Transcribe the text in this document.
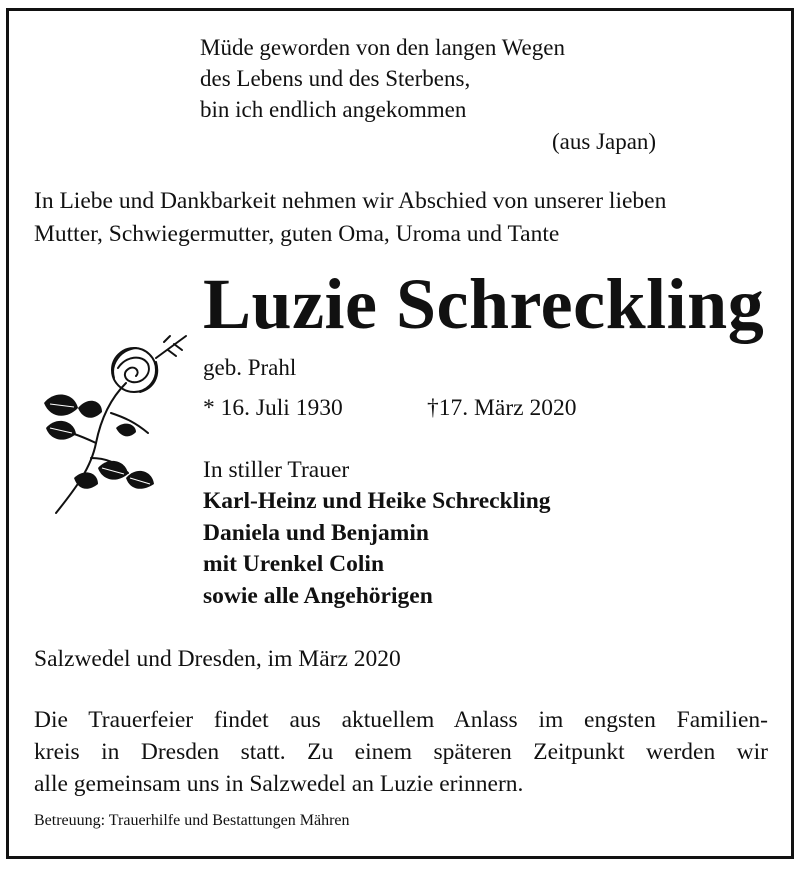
Müde geworden von den langen Wegen

des Lebens und des Sterbens,

bin ich endlich angekommen

(aus Japan)

In Liebe und Dankbarkeit nehmen wir Abschied von unserer lieben

Mutter, Schwiegermutter, guten Oma, Uroma und Tante

Luzie Schreckling

geb. Prahl

* 16. Juli 1930	†17. März 2020

In stiller Trauer

Karl-Heinz und Heike Schreckling

Daniela und Benjamin

mit Urenkel Colin

sowie alle Angehörigen

Salzwedel und Dresden, im März 2020

Die Trauerfeier findet aus aktuellem Anlass im engsten Familien-

kreis in Dresden statt. Zu einem späteren Zeitpunkt werden wir

alle gemeinsam uns in Salzwedel an Luzie erinnern.

Betreuung: Trauerhilfe und Bestattungen Mähren
